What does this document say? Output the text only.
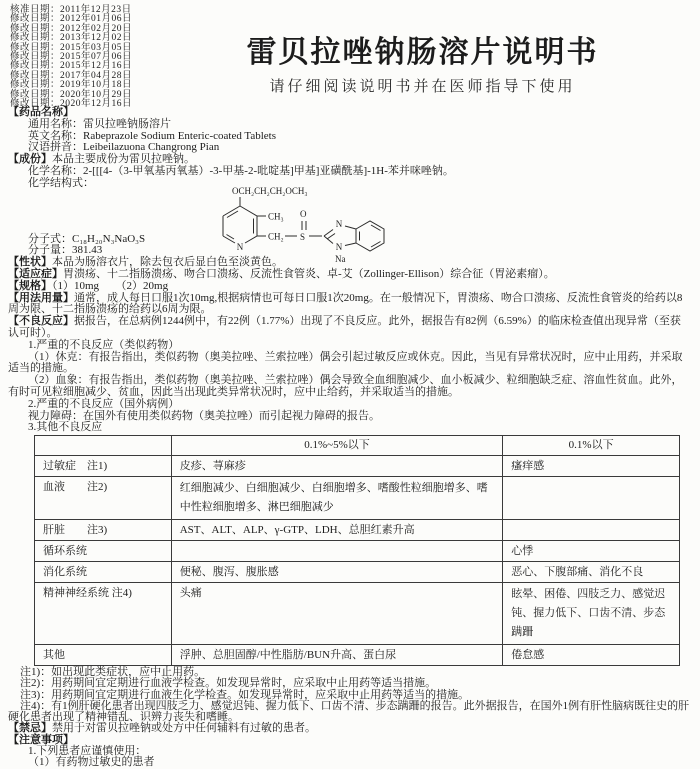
核准日期：2011年12月23日
修改日期：2012年01月06日
修改日期：2012年02月20日
修改日期：2013年12月02日
修改日期：2015年03月05日
修改日期：2015年07月06日
修改日期：2015年12月16日
修改日期：2017年04月28日
修改日期：2019年10月18日
修改日期：2020年10月29日
修改日期：2020年12月16日
雷贝拉唑钠肠溶片说明书
请仔细阅读说明书并在医师指导下使用

【药品名称】

通用名称：雷贝拉唑钠肠溶片

英文名称：Rabeprazole Sodium Enteric-coated Tablets

汉语拼音：Leibeilazuona Changrong Pian

【成份】本品主要成份为雷贝拉唑钠。

化学名称：2-[[[4-（3-甲氧基丙氧基）-3-甲基-2-吡啶基]甲基]亚磺酰基]-1H-苯并咪唑钠。

化学结构式：

分子式：C₁₈H₂₀N₃NaO₃S

分子量：381.43

【性状】本品为肠溶衣片，除去包衣后显白色至淡黄色。

【适应症】胃溃疡、十二指肠溃疡、吻合口溃疡、反流性食管炎、卓-艾（Zollinger-Ellison）综合征（胃泌素瘤）。

【规格】（1）10mg　　（2）20mg

【用法用量】通常，成人每日口服1次10mg,根据病情也可每日口服1次20mg。在一般情况下，胃溃疡、吻合口溃疡、反流性食管炎的给药以8周为限、十二指肠溃疡的给药以6周为限。

【不良反应】据报告，在总病例1244例中，有22例（1.77%）出现了不良反应。此外，据报告有82例（6.59%）的临床检查值出现异常（至获认可时）。

1.严重的不良反应（类似药物）

（1）休克：有报告指出，类似药物（奥美拉唑、兰索拉唑）偶会引起过敏反应或休克。因此，当见有异常状况时，应中止用药，并采取适当的措施。

（2）血象：有报告指出，类似药物（奥美拉唑、兰索拉唑）偶会导致全血细胞减少、血小板减少、粒细胞缺乏症、溶血性贫血。此外，有时可见粒细胞减少、贫血，因此当出现此类异常状况时，应中止给药，并采取适当的措施。

2.严重的不良反应（国外病例）

视力障碍：在国外有使用类似药物（奥美拉唑）而引起视力障碍的报告。

3.其他不良反应

OCH₂CH₂CH₂OCH₃
N
CH₃
CH₂ S
O
N
N
Na
	0.1%~5%以下	0.1%以下
过敏症　注1)	皮疹、荨麻疹	瘙痒感
血液　　注2)	红细胞减少、白细胞减少、白细胞增多、嗜酸性粒细胞增多、嗜中性粒细胞增多、淋巴细胞减少	
肝脏　　注3)	AST、ALT、ALP、γ-GTP、LDH、总胆红素升高	
循环系统		心悸
消化系统	便秘、腹泻、腹胀感	恶心、下腹部痛、消化不良
精神神经系统 注4)	头痛	眩晕、困倦、四肢乏力、感觉迟钝、握力低下、口齿不清、步态蹒跚
其他	浮肿、总胆固醇/中性脂肪/BUN升高、蛋白尿	倦怠感

注1)：如出现此类症状，应中止用药。

注2)：用药期间宜定期进行血液学检查。如发现异常时，应采取中止用药等适当措施。

注3)：用药期间宜定期进行血液生化学检查。如发现异常时，应采取中止用药等适当的措施。

注4)：有1例肝硬化患者出现四肢乏力、感觉迟钝、握力低下、口齿不清、步态蹒跚的报告。此外据报告，在国外1例有肝性脑病既往史的肝硬化患者出现了精神错乱、识辨力丧失和嗜睡。

【禁忌】禁用于对雷贝拉唑钠或处方中任何辅料有过敏的患者。

【注意事项】

1.下列患者应谨慎使用：

（1）有药物过敏史的患者
